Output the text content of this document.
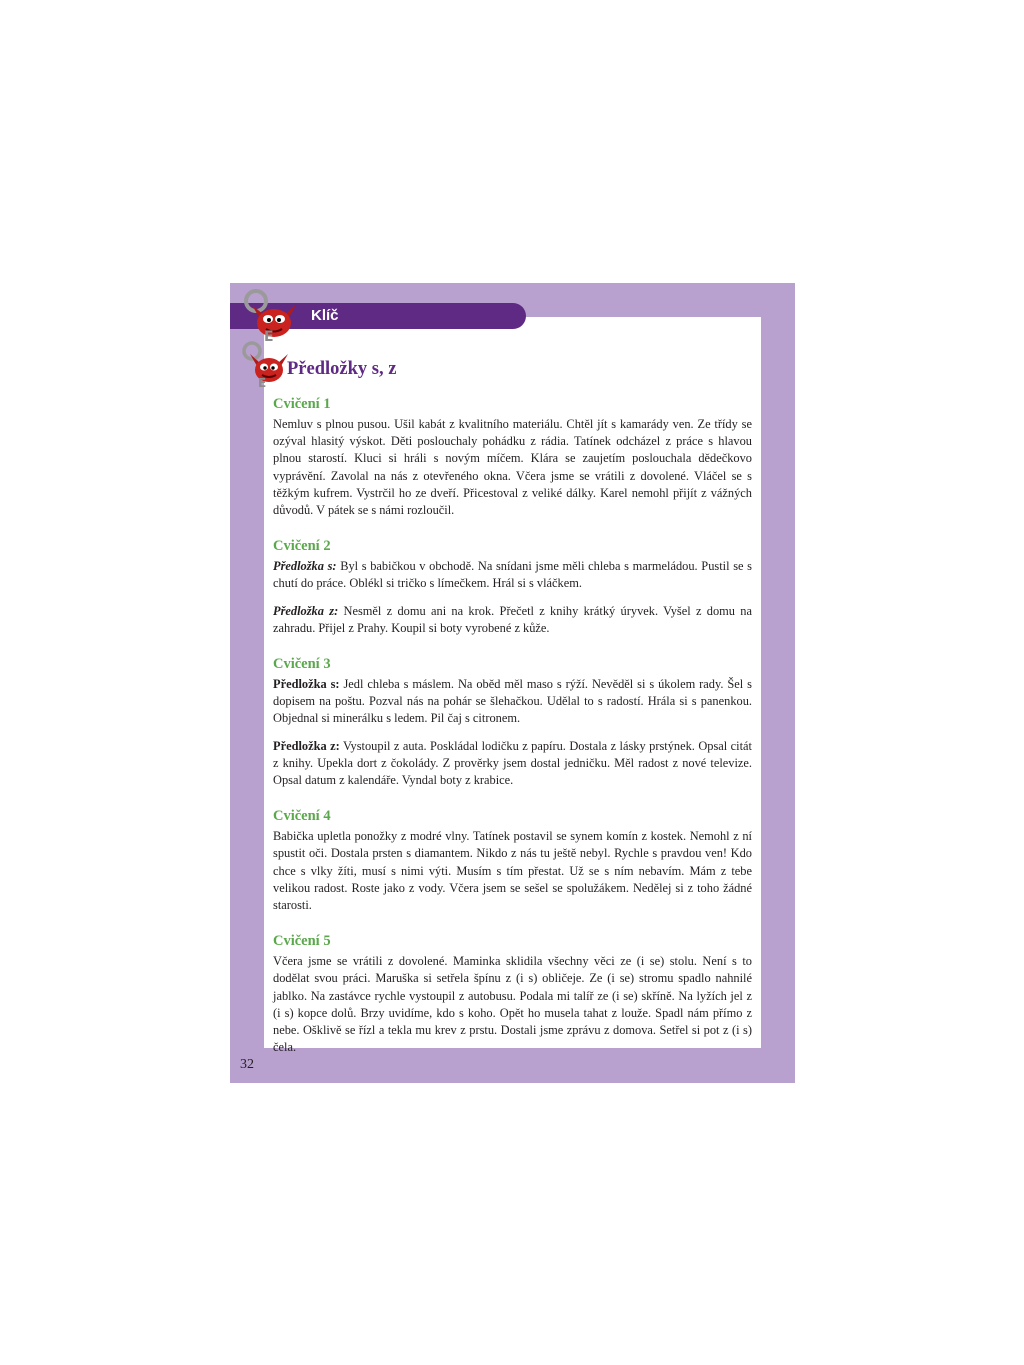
Klíč
E
E
Předložky s, z
Cvičení 1

Nemluv s plnou pusou. Ušil kabát z kvalitního materiálu. Chtěl jít s kamarády ven. Ze třídy se ozýval hlasitý výskot. Děti poslouchaly pohádku z rádia. Tatínek odcházel z práce s hlavou plnou starostí. Kluci si hráli s novým míčem. Klára se zaujetím poslouchala dědečkovo vyprávění. Zavolal na nás z otevřeného okna. Včera jsme se vrátili z dovolené. Vláčel se s těžkým kufrem. Vystrčil ho ze dveří. Přicestoval z veliké dálky. Karel nemohl přijít z vážných důvodů. V pátek se s námi rozloučil.

Cvičení 2

Předložka s: Byl s babičkou v obchodě. Na snídani jsme měli chleba s marmeládou. Pustil se s chutí do práce. Oblékl si tričko s límečkem. Hrál si s vláčkem.

Předložka z: Nesměl z domu ani na krok. Přečetl z knihy krátký úryvek. Vyšel z domu na zahradu. Přijel z Prahy. Koupil si boty vyrobené z kůže.

Cvičení 3

Předložka s: Jedl chleba s máslem. Na oběd měl maso s rýží. Nevěděl si s úkolem rady. Šel s dopisem na poštu. Pozval nás na pohár se šlehačkou. Udělal to s radostí. Hrála si s panenkou. Objednal si minerálku s ledem. Pil čaj s citronem.

Předložka z: Vystoupil z auta. Poskládal lodičku z papíru. Dostala z lásky prstýnek. Opsal citát z knihy. Upekla dort z čokolády. Z prověrky jsem dostal jedničku. Měl radost z nové televize. Opsal datum z kalendáře. Vyndal boty z krabice.

Cvičení 4

Babička upletla ponožky z modré vlny. Tatínek postavil se synem komín z kostek. Nemohl z ní spustit oči. Dostala prsten s diamantem. Nikdo z nás tu ještě nebyl. Rychle s pravdou ven! Kdo chce s vlky žíti, musí s nimi výti. Musím s tím přestat. Už se s ním nebavím. Mám z tebe velikou radost. Roste jako z vody. Včera jsem se sešel se spolužákem. Nedělej si z toho žádné starosti.

Cvičení 5

Včera jsme se vrátili z dovolené. Maminka sklidila všechny věci ze (i se) stolu. Není s to dodělat svou práci. Maruška si setřela špínu z (i s) obličeje. Ze (i se) stromu spadlo nahnilé jablko. Na zastávce rychle vystoupil z autobusu. Podala mi talíř ze (i se) skříně. Na lyžích jel z (i s) kopce dolů. Brzy uvidíme, kdo s koho. Opět ho musela tahat z louže. Spadl nám přímo z nebe. Ošklivě se řízl a tekla mu krev z prstu. Dostali jsme zprávu z domova. Setřel si pot z (i s) čela.

32
